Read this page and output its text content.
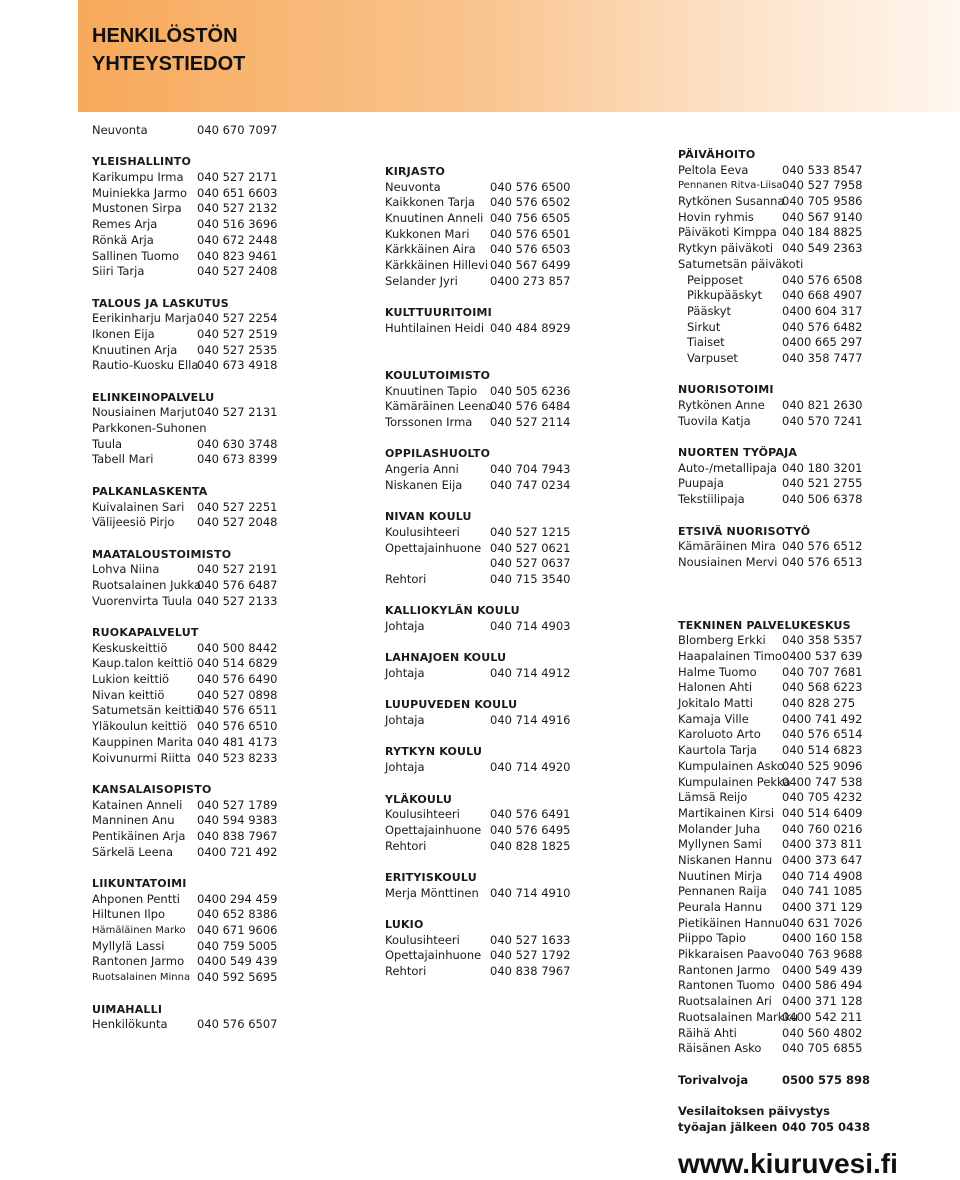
HENKILÖSTÖN
YHTEYSTIEDOT
Neuvonta	040 670 7097
YLEISHALLINTO
Karikumpu Irma 040 527 2171
Muiniekka Jarmo 040 651 6603
Mustonen Sirpa 040 527 2132
Remes Arja	040 516 3696
Rönkä Arja	040 672 2448
Sallinen Tuomo 040 823 9461
Siiri Tarja	040 527 2408
TALOUS JA LASKUTUS
Eerikinharju Marja 040 527 2254
Ikonen Eija	040 527 2519
Knuutinen Arja 040 527 2535
Rautio-Kuosku Ella
040 673 4918
ELINKEINOPALVELU
Nousiainen Marjut 040 527 2131
Parkkonen-Suhonen
Tuula	040 630 3748
Tabell Mari	040 673 8399
PALKANLASKENTA
Kuivalainen Sari 040 527 2251
Välijeesiö Pirjo 040 527 2048
MAATALOUSTOIMISTO
Lohva Niina	040 527 2191
Ruotsalainen Jukka
040 576 6487
Vuorenvirta Tuula 040 527 2133
RUOKAPALVELUT
Keskuskeittiö	040 500 8442
Kaup.talon keittiö 040 514 6829
Lukion keittiö 040 576 6490
Nivan keittiö	040 527 0898
Satumetsän keittiö
040 576 6511
Yläkoulun keittiö 040 576 6510
Kauppinen Marita 040 481 4173
Koivunurmi Riitta 040 523 8233
KANSALAISOPISTO
Katainen Anneli 040 527 1789
Manninen Anu 040 594 9383
Pentikäinen Arja 040 838 7967
Särkelä Leena 0400 721 492
LIIKUNTATOIMI
Ahponen Pentti 0400 294 459
Hiltunen Ilpo	040 652 8386
Hämäläinen Marko 040 671 9606
Myllylä Lassi	040 759 5005
Rantonen Jarmo 0400 549 439
Ruotsalainen Minna 040 592 5695
UIMAHALLI
Henkilökunta	040 576 6507
KIRJASTO
Neuvonta	040 576 6500
Kaikkonen Tarja 040 576 6502
Knuutinen Anneli 040 756 6505
Kukkonen Mari 040 576 6501
Kärkkäinen Aira 040 576 6503
Kärkkäinen Hillevi 040 567 6499
Selander Jyri	0400 273 857
KULTTUURITOIMI
Huhtilainen Heidi 040 484 8929
KOULUTOIMISTO
Knuutinen Tapio 040 505 6236
Kämäräinen Leena
040 576 6484
Torssonen Irma 040 527 2114
OPPILASHUOLTO
Angeria Anni	040 704 7943
Niskanen Eija 040 747 0234
NIVAN KOULU
Koulusihteeri	040 527 1215
Opettajainhuone 040 527 0621
040 527 0637
Rehtori	040 715 3540
KALLIOKYLÄN KOULU
Johtaja	040 714 4903
LAHNAJOEN KOULU
Johtaja	040 714 4912
LUUPUVEDEN KOULU
Johtaja	040 714 4916
RYTKYN KOULU
Johtaja	040 714 4920
YLÄKOULU
Koulusihteeri	040 576 6491
Opettajainhuone 040 576 6495
Rehtori	040 828 1825
ERITYISKOULU
Merja Mönttinen 040 714 4910
LUKIO
Koulusihteeri	040 527 1633
Opettajainhuone 040 527 1792
Rehtori	040 838 7967
PÄIVÄHOITO
Peltola Eeva	040 533 8547
Pennanen Ritva-Liisa 040 527 7958
Rytkönen Susanna
040 705 9586
Hovin ryhmis 040 567 9140
Päiväkoti Kimppa 040 184 8825
Rytkyn päiväkoti 040 549 2363
Satumetsän päiväkoti
Peipposet	040 576 6508
Pikkupääskyt 040 668 4907
Pääskyt	0400 604 317
Sirkut	040 576 6482
Tiaiset	0400 665 297
Varpuset	040 358 7477
NUORISOTOIMI
Rytkönen Anne 040 821 2630
Tuovila Katja	040 570 7241
NUORTEN TYÖPAJA
Auto-/metallipaja 040 180 3201
Puupaja	040 521 2755
Tekstiilipaja	040 506 6378
ETSIVÄ NUORISOTYÖ
Kämäräinen Mira 040 576 6512
Nousiainen Mervi 040 576 6513
TEKNINEN PALVELUKESKUS
Blomberg Erkki 040 358 5357
Haapalainen Timo 0400 537 639
Halme Tuomo 040 707 7681
Halonen Ahti	040 568 6223
Jokitalo Matti	040 828 275
Kamaja Ville	0400 741 492
Karoluoto Arto 040 576 6514
Kaurtola Tarja 040 514 6823
Kumpulainen Asko
040 525 9096
Kumpulainen Pekka
0400 747 538
Lämsä Reijo	040 705 4232
Martikainen Kirsi 040 514 6409
Molander Juha 040 760 0216
Myllynen Sami 0400 373 811
Niskanen Hannu 0400 373 647
Nuutinen Mirja 040 714 4908
Pennanen Raija 040 741 1085
Peurala Hannu 0400 371 129
Pietikäinen Hannu 040 631 7026
Piippo Tapio	0400 160 158
Pikkaraisen Paavo 040 763 9688
Rantonen Jarmo 0400 549 439
Rantonen Tuomo 0400 586 494
Ruotsalainen Ari 0400 371 128
Ruotsalainen Markku
0400 542 211
Räihä Ahti	040 560 4802
Räisänen Asko 040 705 6855
Torivalvoja	0500 575 898
Vesilaitoksen päivystys
työajan jälkeen 040 705 0438
www.kiuruvesi.fi
